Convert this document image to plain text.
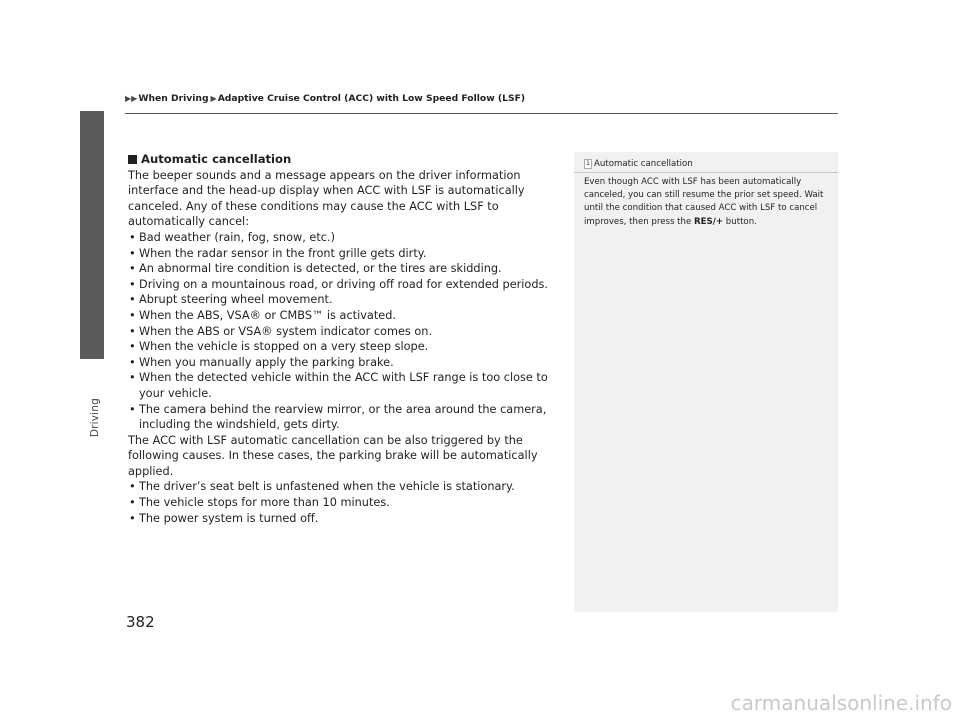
▶▶ When Driving ▶ Adaptive Cruise Control (ACC) with Low Speed Follow (LSF)
Driving
Automatic cancellation

The beeper sounds and a message appears on the driver information interface and the head-up display when ACC with LSF is automatically canceled. Any of these conditions may cause the ACC with LSF to automatically cancel:

• Bad weather (rain, fog, snow, etc.)
• When the radar sensor in the front grille gets dirty.
• An abnormal tire condition is detected, or the tires are skidding.
• Driving on a mountainous road, or driving off road for extended periods.
• Abrupt steering wheel movement.
• When the ABS, VSA® or CMBS™ is activated.
• When the ABS or VSA® system indicator comes on.
• When the vehicle is stopped on a very steep slope.
• When you manually apply the parking brake.
• When the detected vehicle within the ACC with LSF range is too close to your vehicle.
• The camera behind the rearview mirror, or the area around the camera, including the windshield, gets dirty.

The ACC with LSF automatic cancellation can be also triggered by the following causes. In these cases, the parking brake will be automatically applied.

• The driver’s seat belt is unfastened when the vehicle is stationary.
• The vehicle stops for more than 10 minutes.
• The power system is turned off.
1 Automatic cancellation
Even though ACC with LSF has been automatically canceled, you can still resume the prior set speed. Wait until the condition that caused ACC with LSF to cancel improves, then press the RES/+ button.
382
carmanualsonline.info
